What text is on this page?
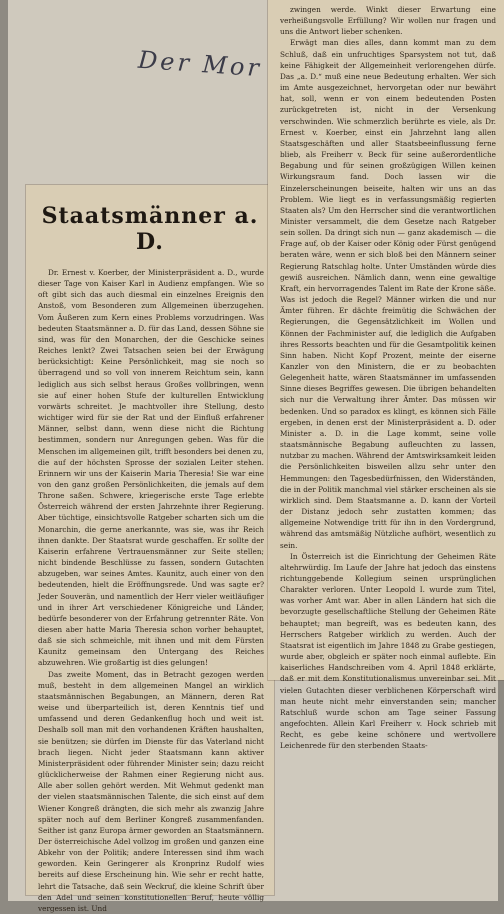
Der Mor

Staatsmänner a. D.

Dr. Ernest v. Koerber, der Ministerpräsident a. D., wurde dieser Tage von Kaiser Karl in Audienz empfangen. Wie so oft gibt sich das auch diesmal ein einzelnes Ereignis den Anstoß, vom Besonderen zum Allgemeinen überzugehen. Vom Äußeren zum Kern eines Problems vorzudringen. Was bedeuten Staatsmänner a. D. für das Land, dessen Söhne sie sind, was für den Monarchen, der die Geschicke seines Reiches lenkt? Zwei Tatsachen seien bei der Erwägung berücksichtigt: Keine Persönlichkeit, mag sie noch so überragend und so voll von innerem Reichtum sein, kann lediglich aus sich selbst heraus Großes vollbringen, wenn sie auf einer hohen Stufe der kulturellen Entwicklung vorwärts schreitet. Je machtvoller ihre Stellung, desto wichtiger wird für sie der Rat und der Einfluß erfahrener Männer, selbst dann, wenn diese nicht die Richtung bestimmen, sondern nur Anregungen geben. Was für die Menschen im allgemeinen gilt, trifft besonders bei denen zu, die auf der höchsten Sprosse der sozialen Leiter stehen. Erinnern wir uns der Kaiserin Maria Theresia! Sie war eine von den ganz großen Persönlichkeiten, die jemals auf dem Throne saßen. Schwere, kriegerische erste Tage erlebte Österreich während der ersten Jahrzehnte ihrer Regierung. Aber tüchtige, einsichtsvolle Ratgeber scharten sich um die Monarchin, die gerne anerkannte, was sie, was ihr Reich ihnen dankte. Der Staatsrat wurde geschaffen. Er sollte der Kaiserin erfahrene Vertrauensmänner zur Seite stellen; nicht bindende Beschlüsse zu fassen, sondern Gutachten abzugeben, war seines Amtes. Kaunitz, auch einer von den bedeutenden, hielt die Eröffnungsrede. Und was sagte er? Jeder Souverän, und namentlich der Herr vieler weitläufiger und in ihrer Art verschiedener Königreiche und Länder, bedürfe besonderer von der Erfahrung getrennter Räte. Von diesen aber hatte Maria Theresia schon vorher behauptet, daß sie sich schmeichle, mit ihnen und mit dem Fürsten Kaunitz gemeinsam den Untergang des Reiches abzuwehren. Wie großartig ist dies gelungen!

Das zweite Moment, das in Betracht gezogen werden muß, besteht in dem allgemeinen Mangel an wirklich staatsmännischen Begabungen, an Männern, deren Rat weise und überparteilich ist, deren Kenntnis tief und umfassend und deren Gedankenflug hoch und weit ist. Deshalb soll man mit den vorhandenen Kräften haushalten, sie benützen; sie dürfen im Dienste für das Vaterland nicht brach liegen. Nicht jeder Staatsmann kann aktiver Ministerpräsident oder führender Minister sein; dazu reicht glücklicherweise der Rahmen einer Regierung nicht aus. Alle aber sollen gehört werden. Mit Wehmut gedenkt man der vielen staatsmännischen Talente, die sich einst auf dem Wiener Kongreß drängten, die sich mehr als zwanzig Jahre später noch auf dem Berliner Kongreß zusammenfanden. Seither ist ganz Europa ärmer geworden an Staatsmännern. Der österreichische Adel vollzog im großen und ganzen eine Abkehr von der Politik; andere Interessen sind ihm wach geworden. Kein Geringerer als Kronprinz Rudolf wies bereits auf diese Erscheinung hin. Wie sehr er recht hatte, lehrt die Tatsache, daß sein Weckruf, die kleine Schrift über den Adel und seinen konstitutionellen Beruf, heute völlig vergessen ist. Und

zwingen werde. Winkt dieser Erwartung eine verheißungsvolle Erfüllung? Wir wollen nur fragen und uns die Antwort lieber schenken.

Erwägt man dies alles, dann kommt man zu dem Schluß, daß ein unfruchtiges Sparsystem not tut, daß keine Fähigkeit der Allgemeinheit verlorengehen dürfe. Das „a. D.“ muß eine neue Bedeutung erhalten. Wer sich im Amte ausgezeichnet, hervorgetan oder nur bewährt hat, soll, wenn er von einem bedeutenden Posten zurückgetreten ist, nicht in der Versenkung verschwinden. Wie schmerzlich berührte es viele, als Dr. Ernest v. Koerber, einst ein Jahrzehnt lang allen Staatsgeschäften und aller Staatsbeeinflussung ferne blieb, als Freiherr v. Beck für seine außerordentliche Begabung und für seinen großzügigen Willen keinen Wirkungsraum fand. Doch lassen wir die Einzelerscheinungen beiseite, halten wir uns an das Problem. Wie liegt es in verfassungsmäßig regierten Staaten als? Um den Herrscher sind die verantwortlichen Minister versammelt, die dem Gesetze nach Ratgeber sein sollen. Da dringt sich nun — ganz akademisch — die Frage auf, ob der Kaiser oder König oder Fürst genügend beraten wäre, wenn er sich bloß bei den Männern seiner Regierung Ratschlag holte. Unter Umständen würde dies gewiß ausreichen. Nämlich dann, wenn eine gewaltige Kraft, ein hervorragendes Talent im Rate der Krone säße. Was ist jedoch die Regel? Männer wirken die und nur Ämter führen. Er dächte freimütig die Schwächen der Regierungen, die Gegensätzlichkeit im Wollen und Können der Fachminister auf, die lediglich die Aufgaben ihres Ressorts beachten und für die Gesamtpolitik keinen Sinn haben. Nicht Kopf Prozent, meinte der eiserne Kanzler von den Ministern, die er zu beobachten Gelegenheit hatte, wären Staatsmänner im umfassenden Sinne dieses Begriffes gewesen. Die übrigen behandelten sich nur die Verwaltung ihrer Ämter. Das müssen wir bedenken. Und so paradox es klingt, es können sich Fälle ergeben, in denen erst der Ministerpräsident a. D. oder Minister a. D. in die Lage kommt, seine volle staatsmännische Begabung aufleuchten zu lassen, nutzbar zu machen. Während der Amtswirksamkeit leiden die Persönlichkeiten bisweilen allzu sehr unter den Hemmungen: den Tagesbedürfnissen, den Widerständen, die in der Politik manchmal viel stärker erscheinen als sie wirklich sind. Dem Staatsmanne a. D. kann der Vorteil der Distanz jedoch sehr zustatten kommen; das allgemeine Notwendige tritt für ihn in den Vordergrund, während das amtsmäßig Nützliche aufhört, wesentlich zu sein.

In Österreich ist die Einrichtung der Geheimen Räte altehrwürdig. Im Laufe der Jahre hat jedoch das einstens richtunggebende Kollegium seinen ursprünglichen Charakter verloren. Unter Leopold I. wurde zum Titel, was vorher Amt war. Aber in allen Ländern hat sich die bevorzugte gesellschaftliche Stellung der Geheimen Räte behauptet; man begreift, was es bedeuten kann, des Herrschers Ratgeber wirklich zu werden. Auch der Staatsrat ist eigentlich im Jahre 1848 zu Grabe gestiegen, wurde aber, obgleich er später noch einmal auflebte. Ein kaiserliches Handschreiben vom 4. April 1848 erklärte, daß er mit dem Konstitutionalismus unvereinbar sei. Mit vielen Gutachten dieser verblichenen Körperschaft wird man heute nicht mehr einverstanden sein; mancher Ratschluß wurde schon am Tage seiner Fassung angefochten. Allein Karl Freiherr v. Hock schrieb mit Recht, es gebe keine schönere und wertvollere Leichenrede für den sterbenden Staats-
